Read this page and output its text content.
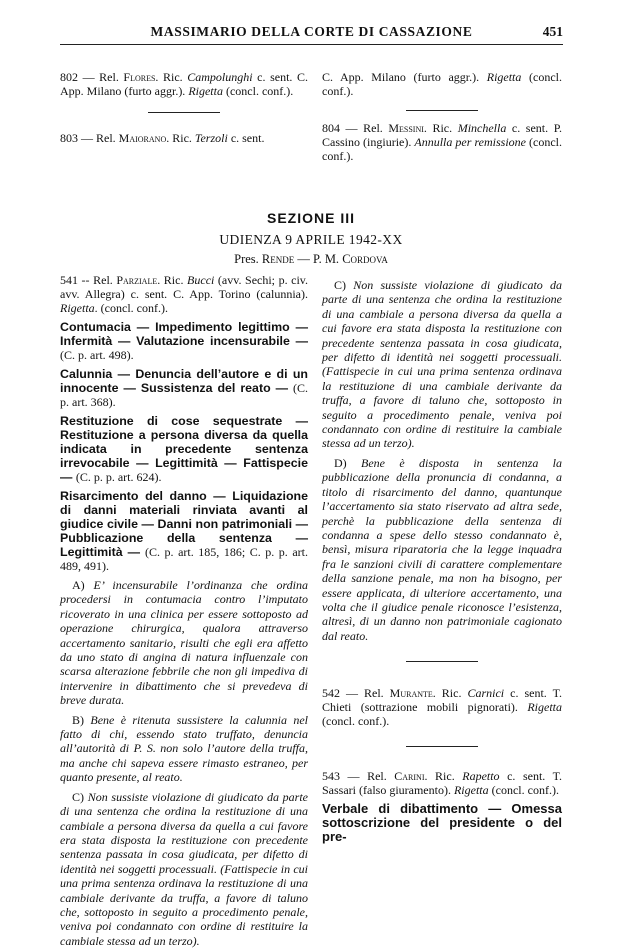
MASSIMARIO DELLA CORTE DI CASSAZIONE	451

802 — Rel. Flores. Ric. Campolunghi c. sent. C. App. Milano (furto aggr.). Rigetta (concl. conf.).

803 — Rel. Maiorano. Ric. Terzoli c. sent.

C. App. Milano (furto aggr.). Rigetta (concl. conf.).

804 — Rel. Messini. Ric. Minchella c. sent. P. Cassino (ingiurie). Annulla per remissione (concl. conf.).

SEZIONE III
UDIENZA 9 APRILE 1942-XX
Pres. Rende — P. M. Cordova

541 -- Rel. Parziale. Ric. Bucci (avv. Sechi; p. civ. avv. Allegra) c. sent. C. App. Torino (calunnia). Rigetta. (concl. conf.).

Contumacia — Impedimento legittimo — Infermità — Valutazione incensurabile — (C. p. art. 498).

Calunnia — Denuncia dell’autore e di un innocente — Sussistenza del reato — (C. p. art. 368).

Restituzione di cose sequestrate — Restituzione a persona diversa da quella indicata in precedente sentenza irrevocabile — Legittimità — Fattispecie — (C. p. p. art. 624).

Risarcimento del danno — Liquidazione di danni materiali rinviata avanti al giudice civile — Danni non patrimoniali — Pubblicazione della sentenza — Legittimità — (C. p. art. 185, 186; C. p. p. art. 489, 491).

A) E’ incensurabile l’ordinanza che ordina procedersi in contumacia contro l’imputato ricoverato in una clinica per essere sottoposto ad operazione chirurgica, qualora attraverso accertamento sanitario, risulti che egli era affetto da uno stato di angina di natura influenzale con scarsa alterazione febbrile che non gli impediva di intervenire in dibattimento che si prevedeva di breve durata.

B) Bene è ritenuta sussistere la calunnia nel fatto di chi, essendo stato truffato, denuncia all’autorità di P. S. non solo l’autore della truffa, ma anche chi sapeva essere rimasto estraneo, per quanto presente, al reato.

C) Non sussiste violazione di giudicato da parte di una sentenza che ordina la restituzione di una cambiale a persona diversa da quella a cui favore era stata disposta la restituzione con precedente sentenza passata in cosa giudicata, per difetto di identità nei soggetti processuali. (Fattispecie in cui una prima sentenza ordinava la restituzione di una cambiale derivante da truffa, a favore di taluno che, sottoposto in seguito a procedimento penale, veniva poi condannato con ordine di restituire la cambiale stessa ad un terzo).

C) Non sussiste violazione di giudicato da parte di una sentenza che ordina la restituzione di una cambiale a persona diversa da quella a cui favore era stata disposta la restituzione con precedente sentenza passata in cosa giudicata, per difetto di identità nei soggetti processuali. (Fattispecie in cui una prima sentenza ordinava la restituzione di una cambiale derivante da truffa, a favore di taluno che, sottoposto in seguito a procedimento penale, veniva poi condannato con ordine di restituire la cambiale stessa ad un terzo).

D) Bene è disposta in sentenza la pubblicazione della pronuncia di condanna, a titolo di risarcimento del danno, quantunque l’accertamento sia stato riservato ad altra sede, perchè la pubblicazione della sentenza di condanna a spese dello stesso condannato è, bensì, misura riparatoria che la legge inquadra fra le sanzioni civili di carattere complementare della sanzione penale, ma non ha bisogno, per essere applicata, di ulteriore accertamento, una volta che il giudice penale riconosce l’esistenza, altresì, di un danno non patrimoniale cagionato dal reato.

542 — Rel. Murante. Ric. Carnici c. sent. T. Chieti (sottrazione mobili pignorati). Rigetta (concl. conf.).

543 — Rel. Carini. Ric. Rapetto c. sent. T. Sassari (falso giuramento). Rigetta (concl. conf.).

Verbale di dibattimento — Omessa sottoscrizione del presidente o del pre-
